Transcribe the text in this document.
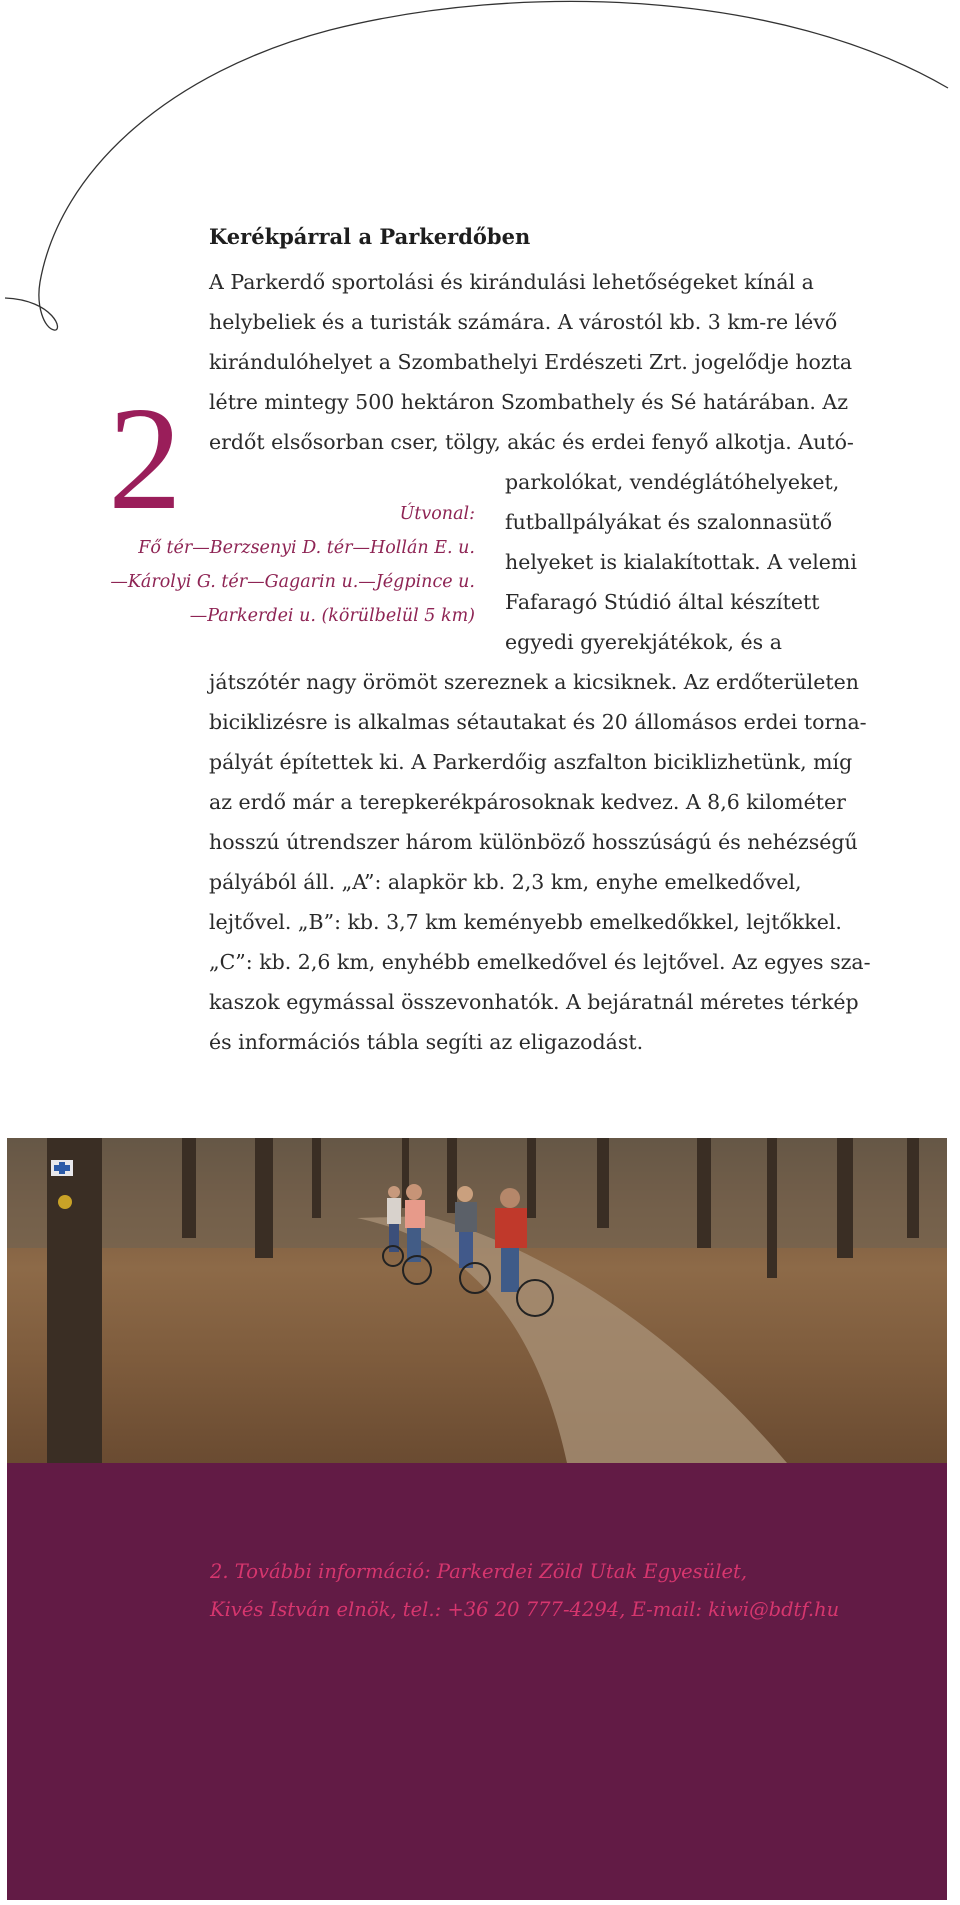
Kerékpárral a Parkerdőben
2
A Parkerdő sportolási és kirándulási lehetőségeket kínál a
helybeliek és a turisták számára. A várostól kb. 3 km-re lévő
kirándulóhelyet a Szombathelyi Erdészeti Zrt. jogelődje hozta
létre mintegy 500 hektáron Szombathely és Sé határában. Az
erdőt elsősorban cser, tölgy, akác és erdei fenyő alkotja. Autó-
parkolókat, vendéglátóhelyeket,
futballpályákat és szalonnasütő
helyeket is kialakítottak. A velemi
Fafaragó Stúdió által készített
egyedi gyerekjátékok, és a
játszótér nagy örömöt szereznek a kicsiknek. Az erdőterületen
biciklizésre is alkalmas sétautakat és 20 állomásos erdei torna-
pályát építettek ki. A Parkerdőig aszfalton biciklizhetünk, míg
az erdő már a terepkerékpárosoknak kedvez. A 8,6 kilométer
hosszú útrendszer három különböző hosszúságú és nehézségű
pályából áll. „A”: alapkör kb. 2,3 km, enyhe emelkedővel,
lejtővel. „B”: kb. 3,7 km keményebb emelkedőkkel, lejtőkkel.
„C”: kb. 2,6 km, enyhébb emelkedővel és lejtővel. Az egyes sza-
kaszok egymással összevonhatók. A bejáratnál méretes térkép
és információs tábla segíti az eligazodást.
Útvonal:
Fő tér—Berzsenyi D. tér—Hollán E. u.
—Károlyi G. tér—Gagarin u.—Jégpince u.
—Parkerdei u. (körülbelül 5 km)
2. További információ: Parkerdei Zöld Utak Egyesület,
Kivés István elnök, tel.: +36 20 777-4294, E-mail: kiwi@bdtf.hu
